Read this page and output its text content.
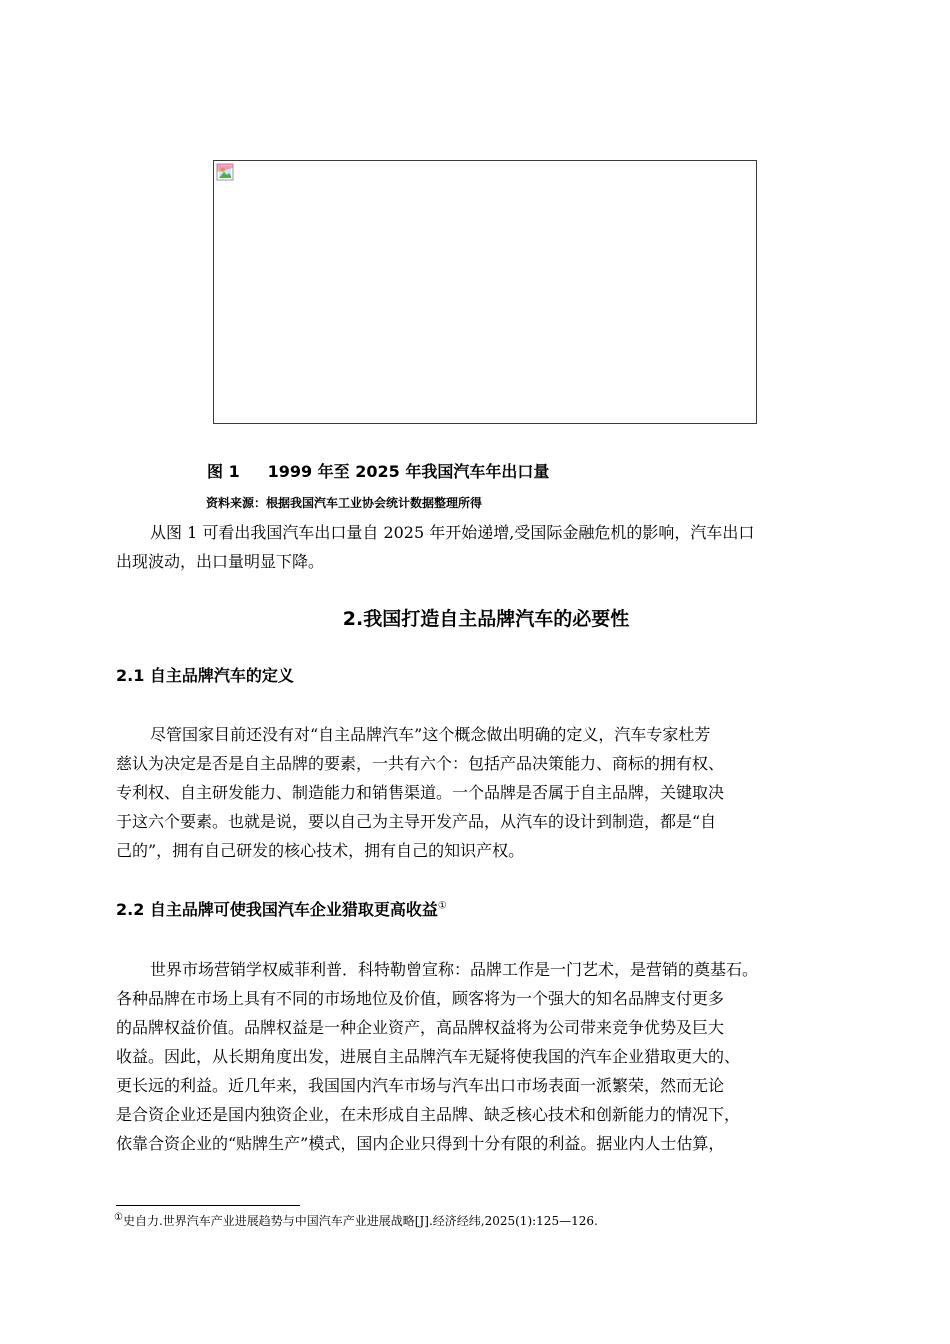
图 1 1999 年至 2025 年我国汽车年出口量
资料来源：根据我国汽车工业协会统计数据整理所得
从图 1 可看出我国汽车出口量自 2025 年开始递增,受国际金融危机的影响，汽车出口
出现波动，出口量明显下降。
2.我国打造自主品牌汽车的必要性
2.1 自主品牌汽车的定义
尽管国家目前还没有对“自主品牌汽车”这个概念做出明确的定义，汽车专家杜芳
慈认为决定是否是自主品牌的要素，一共有六个：包括产品决策能力、商标的拥有权、
专利权、自主研发能力、制造能力和销售渠道。一个品牌是否属于自主品牌，关键取决
于这六个要素。也就是说，要以自己为主导开发产品，从汽车的设计到制造，都是“自
己的”，拥有自己研发的核心技术，拥有自己的知识产权。
2.2 自主品牌可使我国汽车企业猎取更高收益①
世界市场营销学权威菲利普．科特勒曾宣称：品牌工作是一门艺术，是营销的奠基石。
各种品牌在市场上具有不同的市场地位及价值，顾客将为一个强大的知名品牌支付更多
的品牌权益价值。品牌权益是一种企业资产，高品牌权益将为公司带来竞争优势及巨大
收益。因此，从长期角度出发，进展自主品牌汽车无疑将使我国的汽车企业猎取更大的、
更长远的利益。近几年来，我国国内汽车市场与汽车出口市场表面一派繁荣，然而无论
是合资企业还是国内独资企业，在未形成自主品牌、缺乏核心技术和创新能力的情况下，
依靠合资企业的“贴牌生产”模式，国内企业只得到十分有限的利益。据业内人士估算，
①史自力.世界汽车产业进展趋势与中国汽车产业进展战略[J].经济经纬,2025(1):125—126.
